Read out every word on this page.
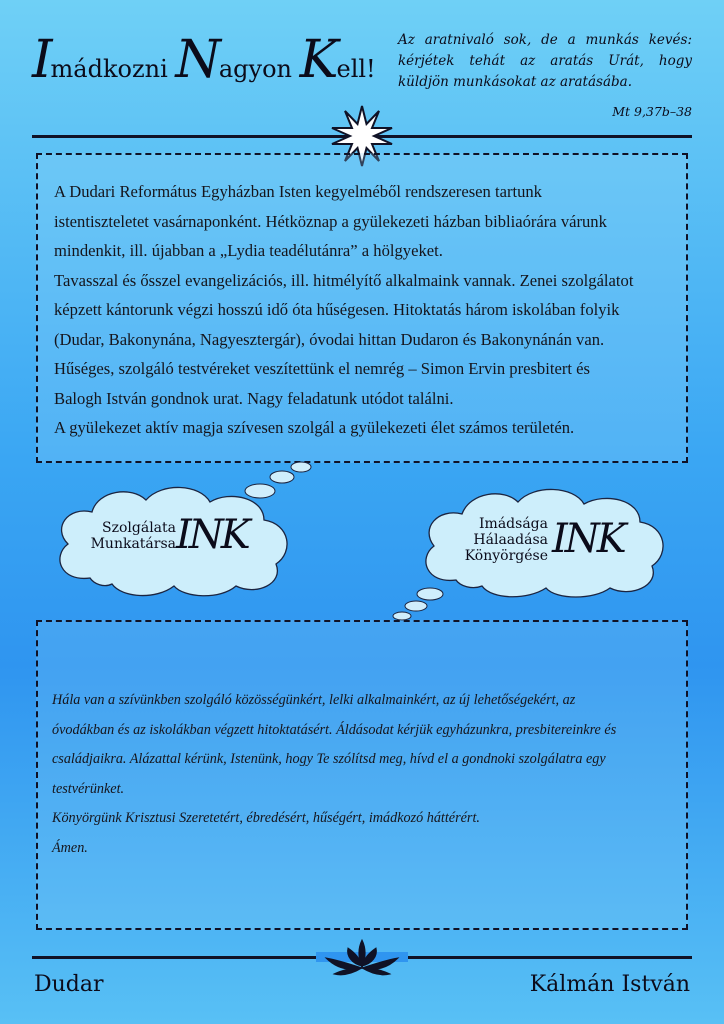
Imádkozni Nagyon Kell!
Az aratnivaló sok, de a munkás kevés: kérjétek tehát az aratás Urát, hogy küldjön munkásokat az aratásába.
Mt 9,37b–38

A Dudari Református Egyházban Isten kegyelméből rendszeresen tartunk
istentiszteletet vasárnaponként. Hétköznap a gyülekezeti házban bibliaórára várunk
mindenkit, ill. újabban a „Lydia teadélutánra” a hölgyeket.
Tavasszal és ősszel evangelizációs, ill. hitmélyítő alkalmaink vannak. Zenei szolgálatot
képzett kántorunk végzi hosszú idő óta hűségesen. Hitoktatás három iskolában folyik
(Dudar, Bakonynána, Nagyesztergár), óvodai hittan Dudaron és Bakonynánán van.
Hűséges, szolgáló testvéreket veszítettünk el nemrég – Simon Ervin presbitert és
Balogh István gondnok urat. Nagy feladatunk utódot találni.
A gyülekezet aktív magja szívesen szolgál a gyülekezeti élet számos területén.

Szolgálata
Munkatársa INK	Imádsága
Hálaadása
Könyörgése INK
Hála van a szívünkben szolgáló közösségünkért, lelki alkalmainkért, az új lehetőségekért, az
óvodákban és az iskolákban végzett hitoktatásért. Áldásodat kérjük egyházunkra, presbitereinkre és
családjaikra. Alázattal kérünk, Istenünk, hogy Te szólítsd meg, hívd el a gondnoki szolgálatra egy
testvérünket.
Könyörgünk Krisztusi Szeretetért, ébredésért, hűségért, imádkozó háttérért.
Ámen.
Dudar	Kálmán István
